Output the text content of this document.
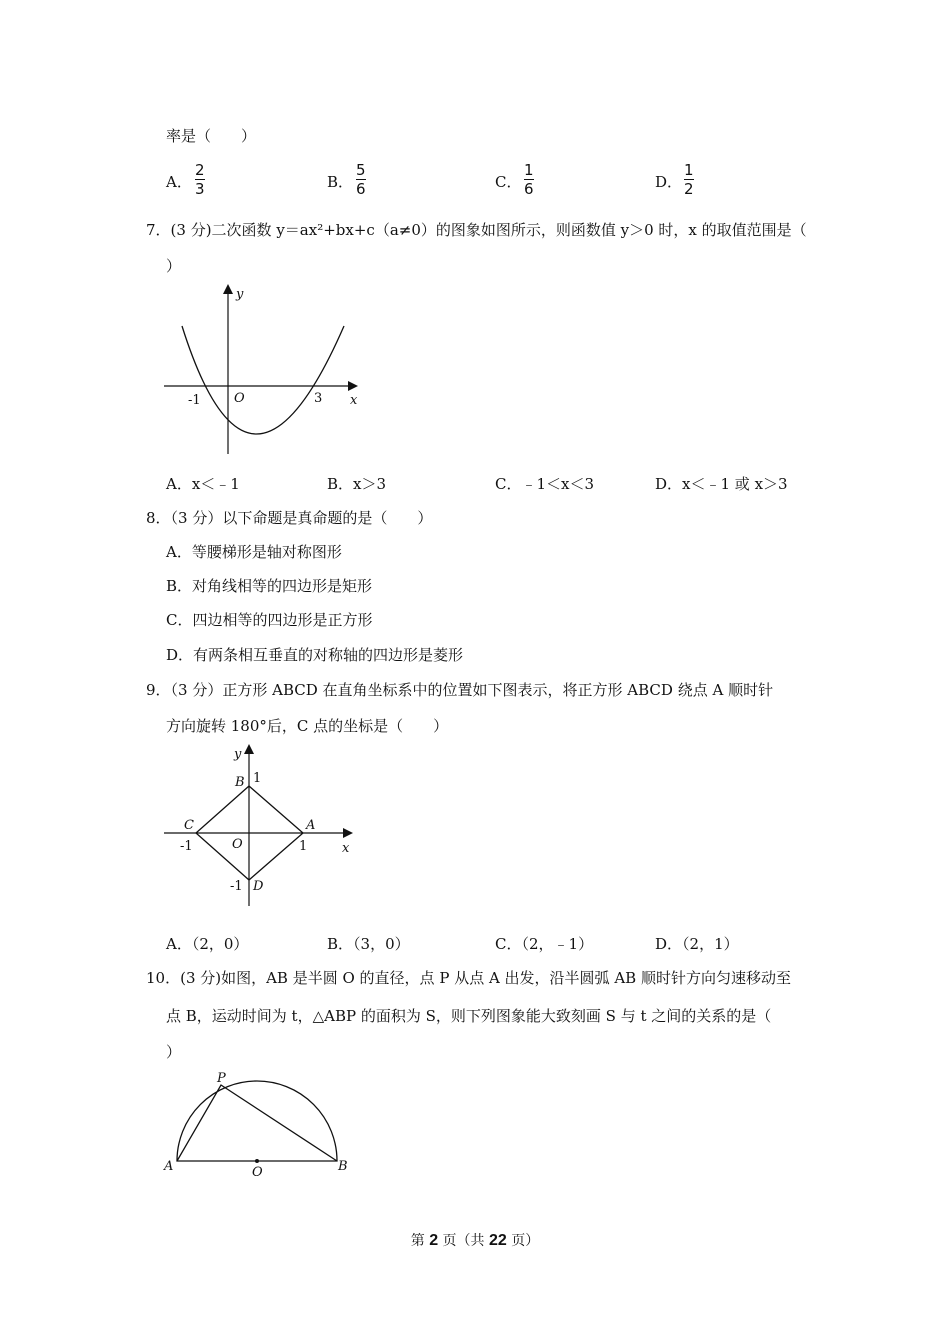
率是（　　）
A．
2
3	B．
5
6	C．
1
6	D．
1
2
7．(3 分)二次函数 y＝ax²+bx+c（a≠0）的图象如图所示，则函数值 y＞0 时，x 的取值范围是（
）
y
x
O
-1	3
A．x＜﹣1	B．x＞3	C．﹣1＜x＜3	D．x＜﹣1 或 x＞3
8．（3 分）以下命题是真命题的是（　　）
A．等腰梯形是轴对称图形
B．对角线相等的四边形是矩形
C．四边相等的四边形是正方形
D．有两条相互垂直的对称轴的四边形是菱形
9．（3 分）正方形 ABCD 在直角坐标系中的位置如下图表示，将正方形 ABCD 绕点 A 顺时针
方向旋转 180°后，C 点的坐标是（　　）
y
x
O
A
B
C
D
1
1
-1
-1
A．（2，0）	B．（3，0）	C．（2，﹣1）	D．（2，1）
10．(3 分)如图，AB 是半圆 O 的直径，点 P 从点 A 出发，沿半圆弧 AB 顺时针方向匀速移动至
点 B，运动时间为 t，△ABP 的面积为 S，则下列图象能大致刻画 S 与 t 之间的关系的是（
）
P
A	O	B
第 2 页（共 22 页）
